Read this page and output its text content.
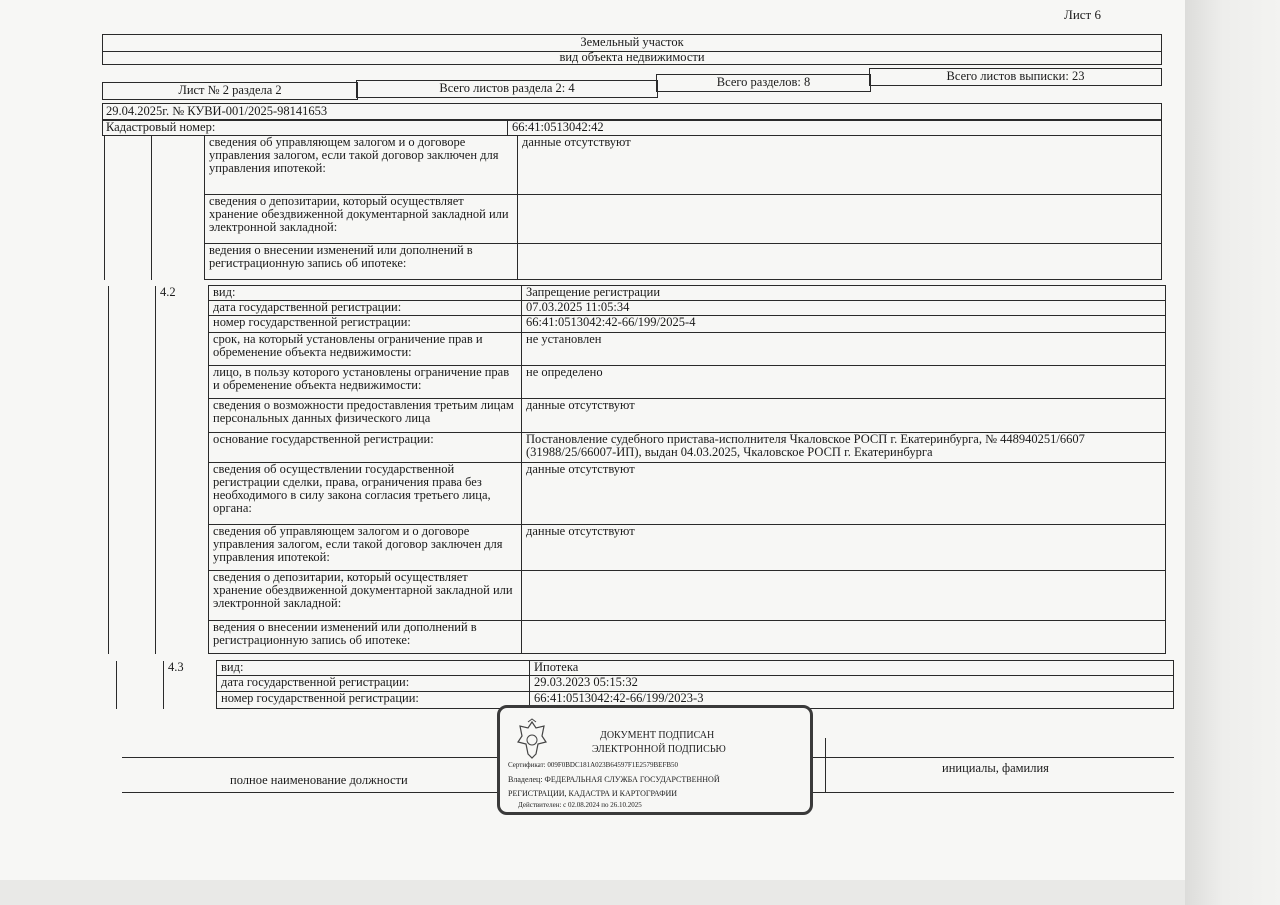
Лист 6
Земельный участок
вид объекта недвижимости
Лист № 2 раздела 2	Всего листов раздела 2: 4	Всего разделов: 8	Всего листов выписки: 23
29.04.2025г. № КУВИ-001/2025-98141653
Кадастровый номер:	66:41:0513042:42
		сведения об управляющем залогом и о договоре управления залогом, если такой договор заключен для управления ипотекой:	данные отсутствуют
		сведения о депозитарии, который осуществляет хранение обездвиженной документарной закладной или электронной закладной:	
		ведения о внесении изменений или дополнений в регистрационную запись об ипотеке:	
	4.2	вид:	Запрещение регистрации
		дата государственной регистрации:	07.03.2025 11:05:34
		номер государственной регистрации:	66:41:0513042:42-66/199/2025-4
		срок, на который установлены ограничение прав и обременение объекта недвижимости:	не установлен
		лицо, в пользу которого установлены ограничение прав и обременение объекта недвижимости:	не определено
		сведения о возможности предоставления третьим лицам персональных данных физического лица	данные отсутствуют
		основание государственной регистрации:	Постановление судебного пристава-исполнителя Чкаловское РОСП г. Екатеринбурга, № 448940251/6607 (31988/25/66007-ИП), выдан 04.03.2025, Чкаловское РОСП г. Екатеринбурга
		сведения об осуществлении государственной регистрации сделки, права, ограничения права без необходимого в силу закона согласия третьего лица, органа:	данные отсутствуют
		сведения об управляющем залогом и о договоре управления залогом, если такой договор заключен для управления ипотекой:	данные отсутствуют
		сведения о депозитарии, который осуществляет хранение обездвиженной документарной закладной или электронной закладной:	
		ведения о внесении изменений или дополнений в регистрационную запись об ипотеке:	
	4.3	вид:	Ипотека
		дата государственной регистрации:	29.03.2023 05:15:32
		номер государственной регистрации:	66:41:0513042:42-66/199/2023-3
полное наименование должности
инициалы, фамилия
ДОКУМЕНТ ПОДПИСАН
ЭЛЕКТРОННОЙ ПОДПИСЬЮ
Сертификат: 009F0BDC181A023B64597F1E2579BEFB50
Владелец: ФЕДЕРАЛЬНАЯ СЛУЖБА ГОСУДАРСТВЕННОЙ РЕГИСТРАЦИИ, КАДАСТРА И КАРТОГРАФИИ
Действителен: с 02.08.2024 по 26.10.2025
